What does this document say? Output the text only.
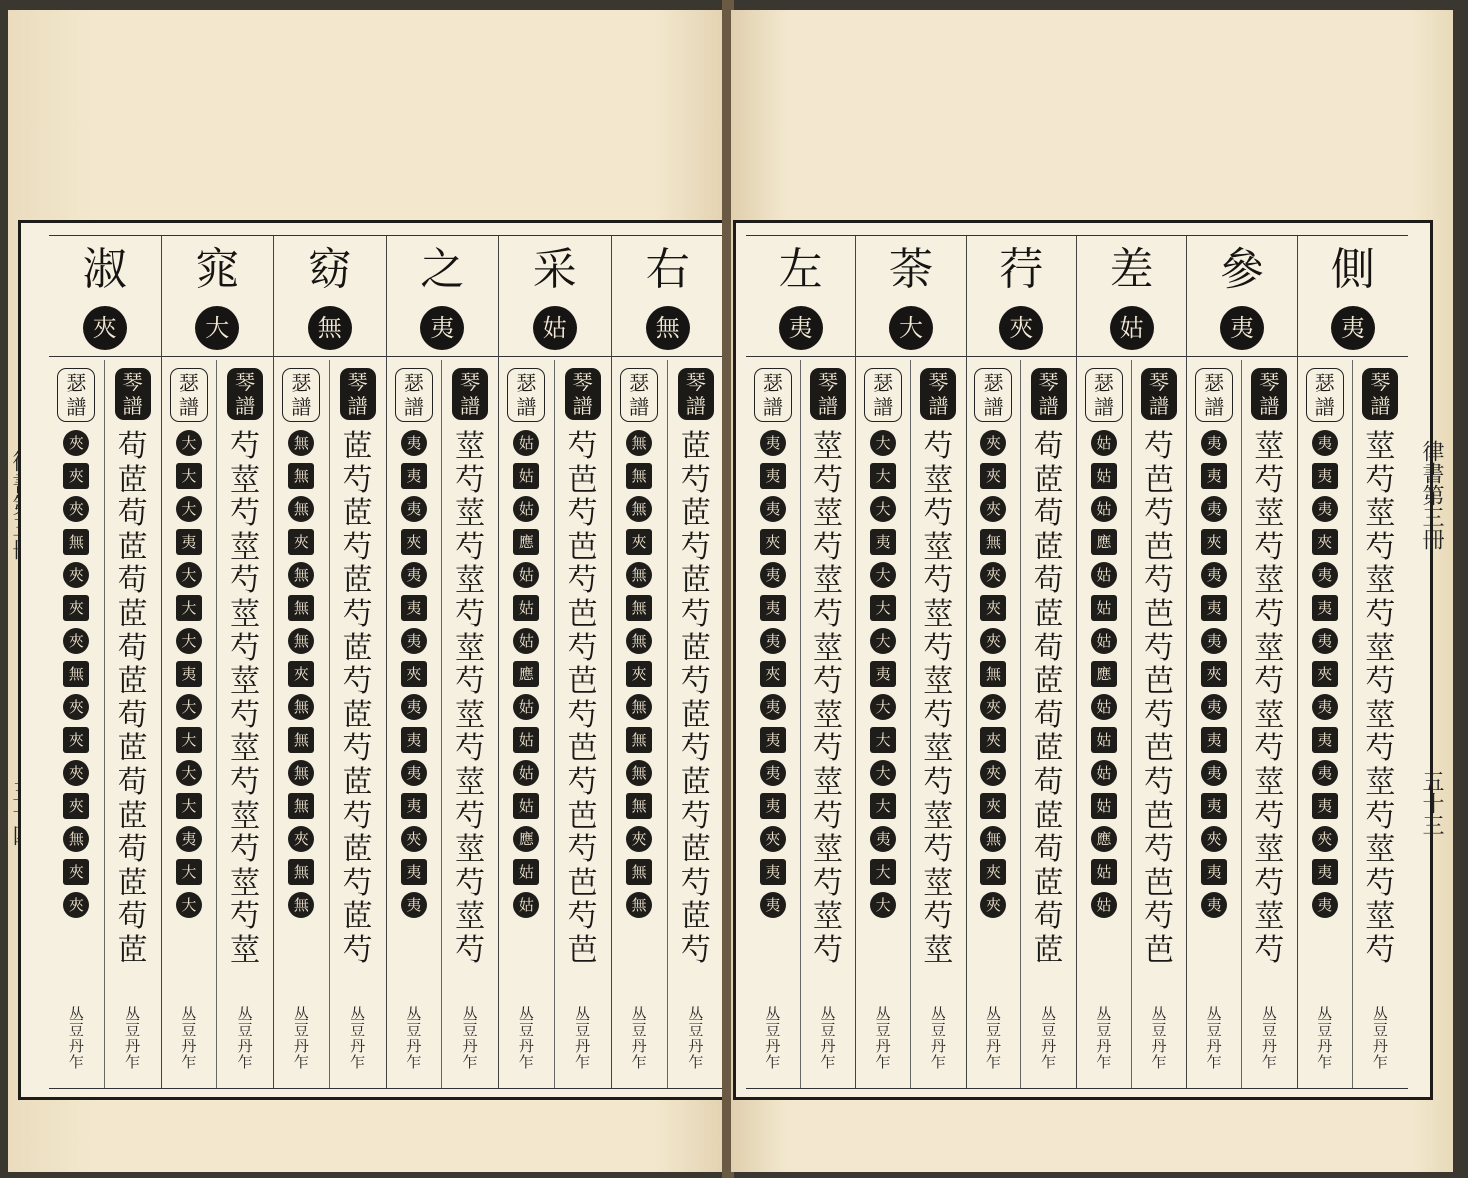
淑
夾
瑟譜
夾
夾
夾
無
夾
夾
夾
無
夾
夾
夾
夾
無
夾
夾
丛豆丹乍
琴譜
苟茝苟茝苟茝苟茝苟茝苟茝苟茝苟茝
丛豆丹乍
窕
大
瑟譜
大
大
大
夷
大
大
大
夷
大
大
大
大
夷
大
大
丛豆丹乍
琴譜
芍莖芍莖芍莖芍莖芍莖芍莖芍莖芍莖
丛豆丹乍
窈
無
瑟譜
無
無
無
夾
無
無
無
夾
無
無
無
無
夾
無
無
丛豆丹乍
琴譜
茝芍茝芍茝芍茝芍茝芍茝芍茝芍茝芍
丛豆丹乍
之
夷
瑟譜
夷
夷
夷
夾
夷
夷
夷
夾
夷
夷
夷
夷
夾
夷
夷
丛豆丹乍
琴譜
莖芍莖芍莖芍莖芍莖芍莖芍莖芍莖芍
丛豆丹乍
采
姑
瑟譜
姑
姑
姑
應
姑
姑
姑
應
姑
姑
姑
姑
應
姑
姑
丛豆丹乍
琴譜
芍芭芍芭芍芭芍芭芍芭芍芭芍芭芍芭
丛豆丹乍
右
無
瑟譜
無
無
無
夾
無
無
無
夾
無
無
無
無
夾
無
無
丛豆丹乍
琴譜
茝芍茝芍茝芍茝芍茝芍茝芍茝芍茝芍
丛豆丹乍
左
夷
瑟譜
夷
夷
夷
夾
夷
夷
夷
夾
夷
夷
夷
夷
夾
夷
夷
丛豆丹乍
琴譜
莖芍莖芍莖芍莖芍莖芍莖芍莖芍莖芍
丛豆丹乍
荼
大
瑟譜
大
大
大
夷
大
大
大
夷
大
大
大
大
夷
大
大
丛豆丹乍
琴譜
芍莖芍莖芍莖芍莖芍莖芍莖芍莖芍莖
丛豆丹乍
荇
夾
瑟譜
夾
夾
夾
無
夾
夾
夾
無
夾
夾
夾
夾
無
夾
夾
丛豆丹乍
琴譜
苟茝苟茝苟茝苟茝苟茝苟茝苟茝苟茝
丛豆丹乍
差
姑
瑟譜
姑
姑
姑
應
姑
姑
姑
應
姑
姑
姑
姑
應
姑
姑
丛豆丹乍
琴譜
芍芭芍芭芍芭芍芭芍芭芍芭芍芭芍芭
丛豆丹乍
參
夷
瑟譜
夷
夷
夷
夾
夷
夷
夷
夾
夷
夷
夷
夷
夾
夷
夷
丛豆丹乍
琴譜
莖芍莖芍莖芍莖芍莖芍莖芍莖芍莖芍
丛豆丹乍
側
夷
瑟譜
夷
夷
夷
夾
夷
夷
夷
夾
夷
夷
夷
夷
夾
夷
夷
丛豆丹乍
琴譜
莖芍莖芍莖芍莖芍莖芍莖芍莖芍莖芍
丛豆丹乍
律書第三冊
五十三
